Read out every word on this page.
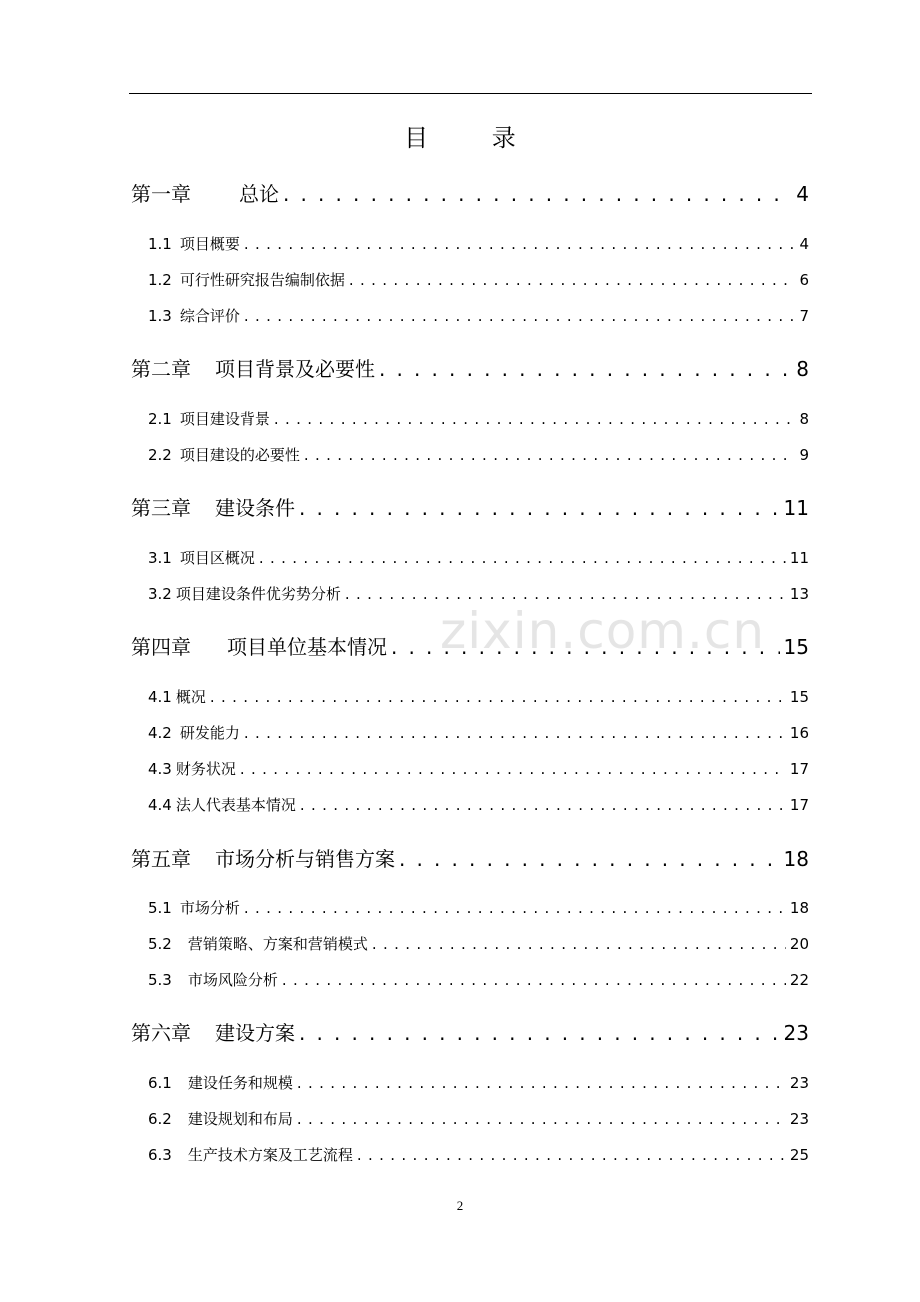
目 录
第一章 总论 . . .	4
1.1 项目概要 . . .	4
1.2 可行性研究报告编制依据 . . .	6
1.3 综合评价 . . .	7
第二章 项目背景及必要性 . . .	8
2.1 项目建设背景 . . .	8
2.2 项目建设的必要性 . . .	9
第三章 建设条件 . . .	11
3.1 项目区概况 . . .	11
3.2 项目建设条件优劣势分析 . . .	13
第四章 项目单位基本情况 . . .	15
4.1 概况 . . .	15
4.2 研发能力 . . .	16
4.3 财务状况 . . .	17
4.4 法人代表基本情况 . . .	17
第五章 市场分析与销售方案 . . .	18
5.1 市场分析 . . .	18
5.2 营销策略、方案和营销模式 . . .	20
5.3 市场风险分析 . . .	22
第六章 建设方案 . . .	23
6.1 建设任务和规模 . . .	23
6.2 建设规划和布局 . . .	23
6.3 生产技术方案及工艺流程 . . .	25
zixin.com.cn
2
